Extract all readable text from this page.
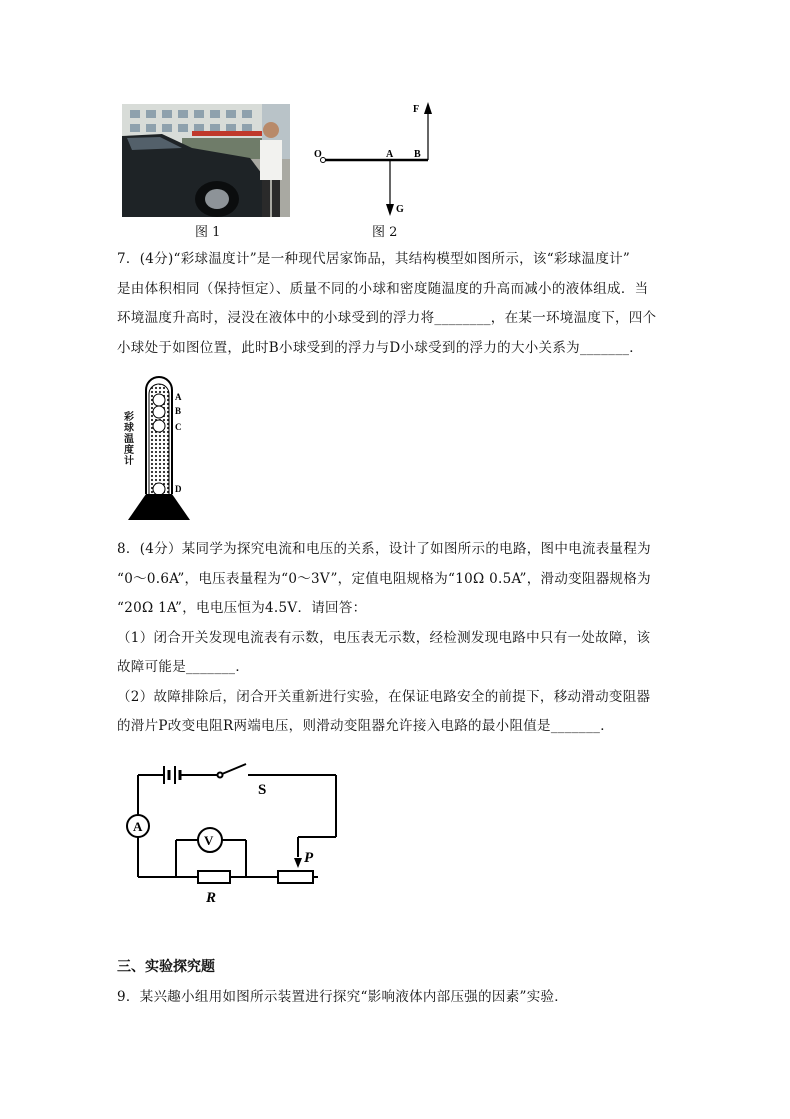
图 1
F
O	A B
G
图 2
7．(4分)“彩球温度计”是一种现代居家饰品，其结构模型如图所示，该“彩球温度计”
是由体积相同（保持恒定）、质量不同的小球和密度随温度的升高而减小的液体组成．当
环境温度升高时，浸没在液体中的小球受到的浮力将________，在某一环境温度下，四个
小球处于如图位置，此时B小球受到的浮力与D小球受到的浮力的大小关系为_______．
A
B
C
D
彩球温度计
8．(4分）某同学为探究电流和电压的关系，设计了如图所示的电路，图中电流表量程为
“0～0.6A”，电压表量程为“0～3V”，定值电阻规格为“10Ω 0.5A”，滑动变阻器规格为
“20Ω 1A”，电电压恒为4.5V．请回答：
（1）闭合开关发现电流表有示数，电压表无示数，经检测发现电路中只有一处故障，该
故障可能是_______．
（2）故障排除后，闭合开关重新进行实验，在保证电路安全的前提下，移动滑动变阻器
的滑片P改变电阻R两端电压，则滑动变阻器允许接入电路的最小阻值是_______．
A
V
S
P
R
三、实验探究题
9．某兴趣小组用如图所示装置进行探究“影响液体内部压强的因素”实验．
